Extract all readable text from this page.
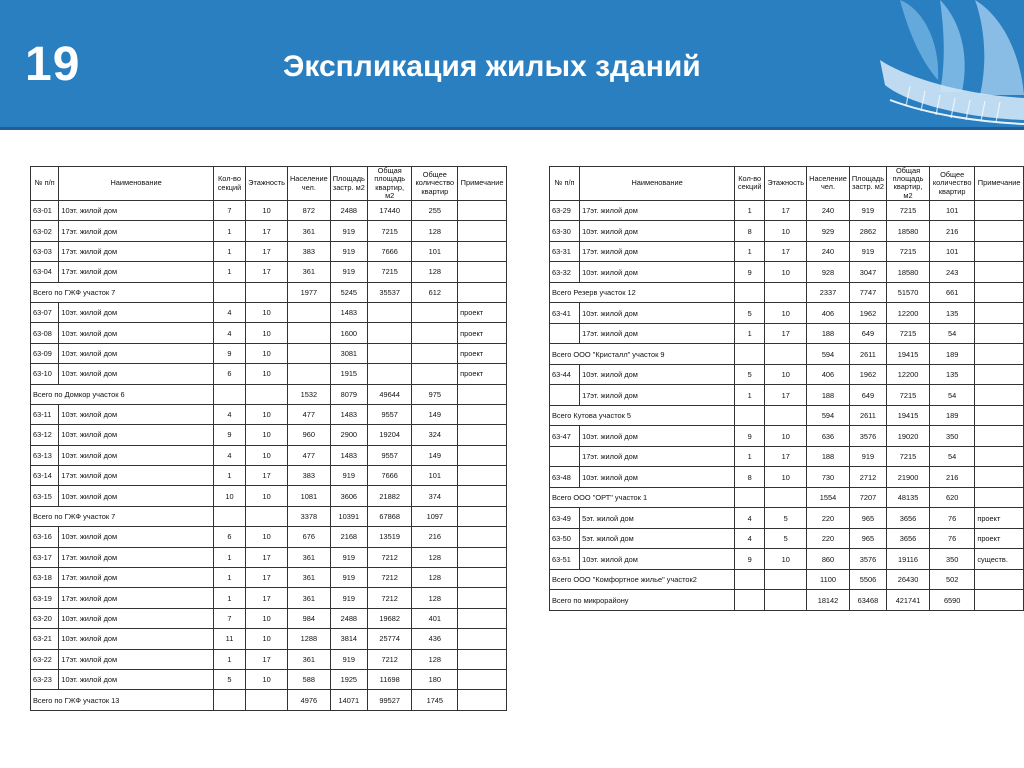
19	Экспликация жилых зданий
№ п/п	Наименование	Кол-во секций	Этажность	Население чел.	Площадь застр. м2	Общая площадь квартир, м2	Общее количество квартир	Примечание
63-01	10эт. жилой дом	7	10	872	2488	17440	255	
63-02	17эт. жилой дом	1	17	361	919	7215	128	
63-03	17эт. жилой дом	1	17	383	919	7666	101	
63-04	17эт. жилой дом	1	17	361	919	7215	128	
Всего по ГЖФ участок 7				1977	5245	35537	612	
63-07	10эт. жилой дом	4	10		1483			проект
63-08	10эт. жилой дом	4	10		1600			проект
63-09	10эт. жилой дом	9	10		3081			проект
63-10	10эт. жилой дом	6	10		1915			проект
Всего по Домкор участок 6				1532	8079	49644	975	
63-11	10эт. жилой дом	4	10	477	1483	9557	149	
63-12	10эт. жилой дом	9	10	960	2900	19204	324	
63-13	10эт. жилой дом	4	10	477	1483	9557	149	
63-14	17эт. жилой дом	1	17	383	919	7666	101	
63-15	10эт. жилой дом	10	10	1081	3606	21882	374	
Всего по ГЖФ участок 7				3378	10391	67868	1097	
63-16	10эт. жилой дом	6	10	676	2168	13519	216	
63-17	17эт. жилой дом	1	17	361	919	7212	128	
63-18	17эт. жилой дом	1	17	361	919	7212	128	
63-19	17эт. жилой дом	1	17	361	919	7212	128	
63-20	10эт. жилой дом	7	10	984	2488	19682	401	
63-21	10эт. жилой дом	11	10	1288	3814	25774	436	
63-22	17эт. жилой дом	1	17	361	919	7212	128	
63-23	10эт. жилой дом	5	10	588	1925	11698	180	
Всего по ГЖФ участок 13				4976	14071	99527	1745	
№ п/п	Наименование	Кол-во секций	Этажность	Население чел.	Площадь застр. м2	Общая площадь квартир, м2	Общее количество квартир	Примечание
63-29	17эт. жилой дом	1	17	240	919	7215	101	
63-30	10эт. жилой дом	8	10	929	2862	18580	216	
63-31	17эт. жилой дом	1	17	240	919	7215	101	
63-32	10эт. жилой дом	9	10	928	3047	18580	243	
Всего Резерв участок 12				2337	7747	51570	661	
63-41	10эт. жилой дом	5	10	406	1962	12200	135	
	17эт. жилой дом	1	17	188	649	7215	54	
Всего ООО "Кристалл" участок 9				594	2611	19415	189	
63-44	10эт. жилой дом	5	10	406	1962	12200	135	
	17эт. жилой дом	1	17	188	649	7215	54	
Всего Кутова участок 5				594	2611	19415	189	
63-47	10эт. жилой дом	9	10	636	3576	19020	350	
	17эт. жилой дом	1	17	188	919	7215	54	
63-48	10эт. жилой дом	8	10	730	2712	21900	216	
Всего ООО "ОРТ" участок 1				1554	7207	48135	620	
63-49	5эт. жилой дом	4	5	220	965	3656	76	проект
63-50	5эт. жилой дом	4	5	220	965	3656	76	проект
63-51	10эт. жилой дом	9	10	860	3576	19116	350	существ.
Всего ООО "Комфортное жилье" участок2				1100	5506	26430	502	
Всего по микрорайону				18142	63468	421741	6590	
